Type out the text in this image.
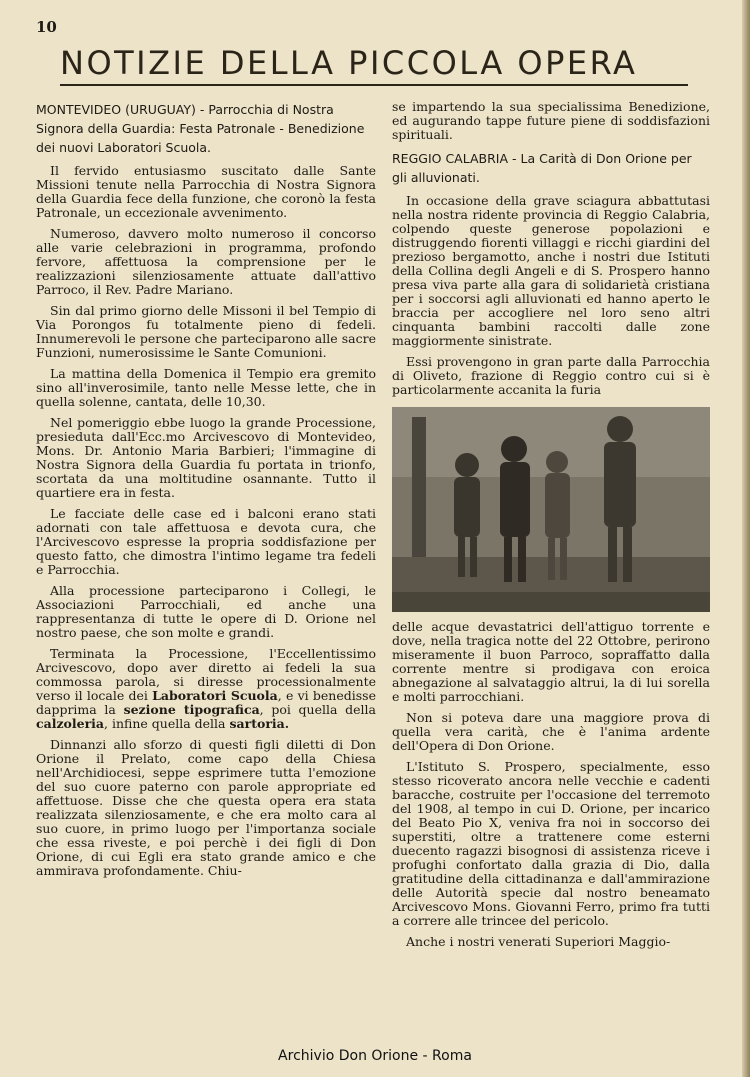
10
NOTIZIE DELLA PICCOLA OPERA
MONTEVIDEO (URUGUAY) - Parrocchia di Nostra Signora della Guardia: Festa Patronale - Benedizione dei nuovi Laboratori Scuola.

Il fervido entusiasmo suscitato dalle Sante Missioni tenute nella Parrocchia di Nostra Signora della Guardia fece della funzione, che coronò la festa Patronale, un eccezionale avvenimento.

Numeroso, davvero molto numeroso il concorso alle varie celebrazioni in programma, profondo fervore, affettuosa la comprensione per le realizzazioni silenziosamente attuate dall'attivo Parroco, il Rev. Padre Mariano.

Sin dal primo giorno delle Missoni il bel Tempio di Via Porongos fu totalmente pieno di fedeli. Innumerevoli le persone che parteciparono alle sacre Funzioni, numerosissime le Sante Comunioni.

La mattina della Domenica il Tempio era gremito sino all'inverosimile, tanto nelle Messe lette, che in quella solenne, cantata, delle 10,30.

Nel pomeriggio ebbe luogo la grande Processione, presieduta dall'Ecc.mo Arcivescovo di Montevideo, Mons. Dr. Antonio Maria Barbieri; l'immagine di Nostra Signora della Guardia fu portata in trionfo, scortata da una moltitudine osannante. Tutto il quartiere era in festa.

Le facciate delle case ed i balconi erano stati adornati con tale affettuosa e devota cura, che l'Arcivescovo espresse la propria soddisfazione per questo fatto, che dimostra l'intimo legame tra fedeli e Parrocchia.

Alla processione parteciparono i Collegi, le Associazioni Parrocchiali, ed anche una rappresentanza di tutte le opere di D. Orione nel nostro paese, che son molte e grandi.

Terminata la Processione, l'Eccellentissimo Arcivescovo, dopo aver diretto ai fedeli la sua commossa parola, si diresse processionalmente verso il locale dei Laboratori Scuola, e vi benedisse dapprima la sezione tipografica, poi quella della calzoleria, infine quella della sartoria.

Dinnanzi allo sforzo di questi figli diletti di Don Orione il Prelato, come capo della Chiesa nell'Archidiocesi, seppe esprimere tutta l'emozione del suo cuore paterno con parole appropriate ed affettuose. Disse che che questa opera era stata realizzata silenziosamente, e che era molto cara al suo cuore, in primo luogo per l'importanza sociale che essa riveste, e poi perchè i dei figli di Don Orione, di cui Egli era stato grande amico e che ammirava profondamente. Chiu-

se impartendo la sua specialissima Benedizione, ed augurando tappe future piene di soddisfazioni spirituali.

REGGIO CALABRIA - La Carità di Don Orione per gli alluvionati.

In occasione della grave sciagura abbattutasi nella nostra ridente provincia di Reggio Calabria, colpendo queste generose popolazioni e distruggendo fiorenti villaggi e ricchi giardini del prezioso bergamotto, anche i nostri due Istituti della Collina degli Angeli e di S. Prospero hanno presa viva parte alla gara di solidarietà cristiana per i soccorsi agli alluvionati ed hanno aperto le braccia per accogliere nel loro seno altri cinquanta bambini raccolti dalle zone maggiormente sinistrate.

Essi provengono in gran parte dalla Parrocchia di Oliveto, frazione di Reggio contro cui si è particolarmente accanita la furia

delle acque devastatrici dell'attiguo torrente e dove, nella tragica notte del 22 Ottobre, perirono miseramente il buon Parroco, sopraffatto dalla corrente mentre si prodigava con eroica abnegazione al salvataggio altrui, la di lui sorella e molti parrocchiani.

Non si poteva dare una maggiore prova di quella vera carità, che è l'anima ardente dell'Opera di Don Orione.

L'Istituto S. Prospero, specialmente, esso stesso ricoverato ancora nelle vecchie e cadenti baracche, costruite per l'occasione del terremoto del 1908, al tempo in cui D. Orione, per incarico del Beato Pio X, veniva fra noi in soccorso dei superstiti, oltre a trattenere come esterni duecento ragazzi bisognosi di assistenza riceve i profughi confortato dalla grazia di Dio, dalla gratitudine della cittadinanza e dall'ammirazione delle Autorità specie dal nostro beneamato Arcivescovo Mons. Giovanni Ferro, primo fra tutti a correre alle trincee del pericolo.

Anche i nostri venerati Superiori Maggio-

Archivio Don Orione - Roma
